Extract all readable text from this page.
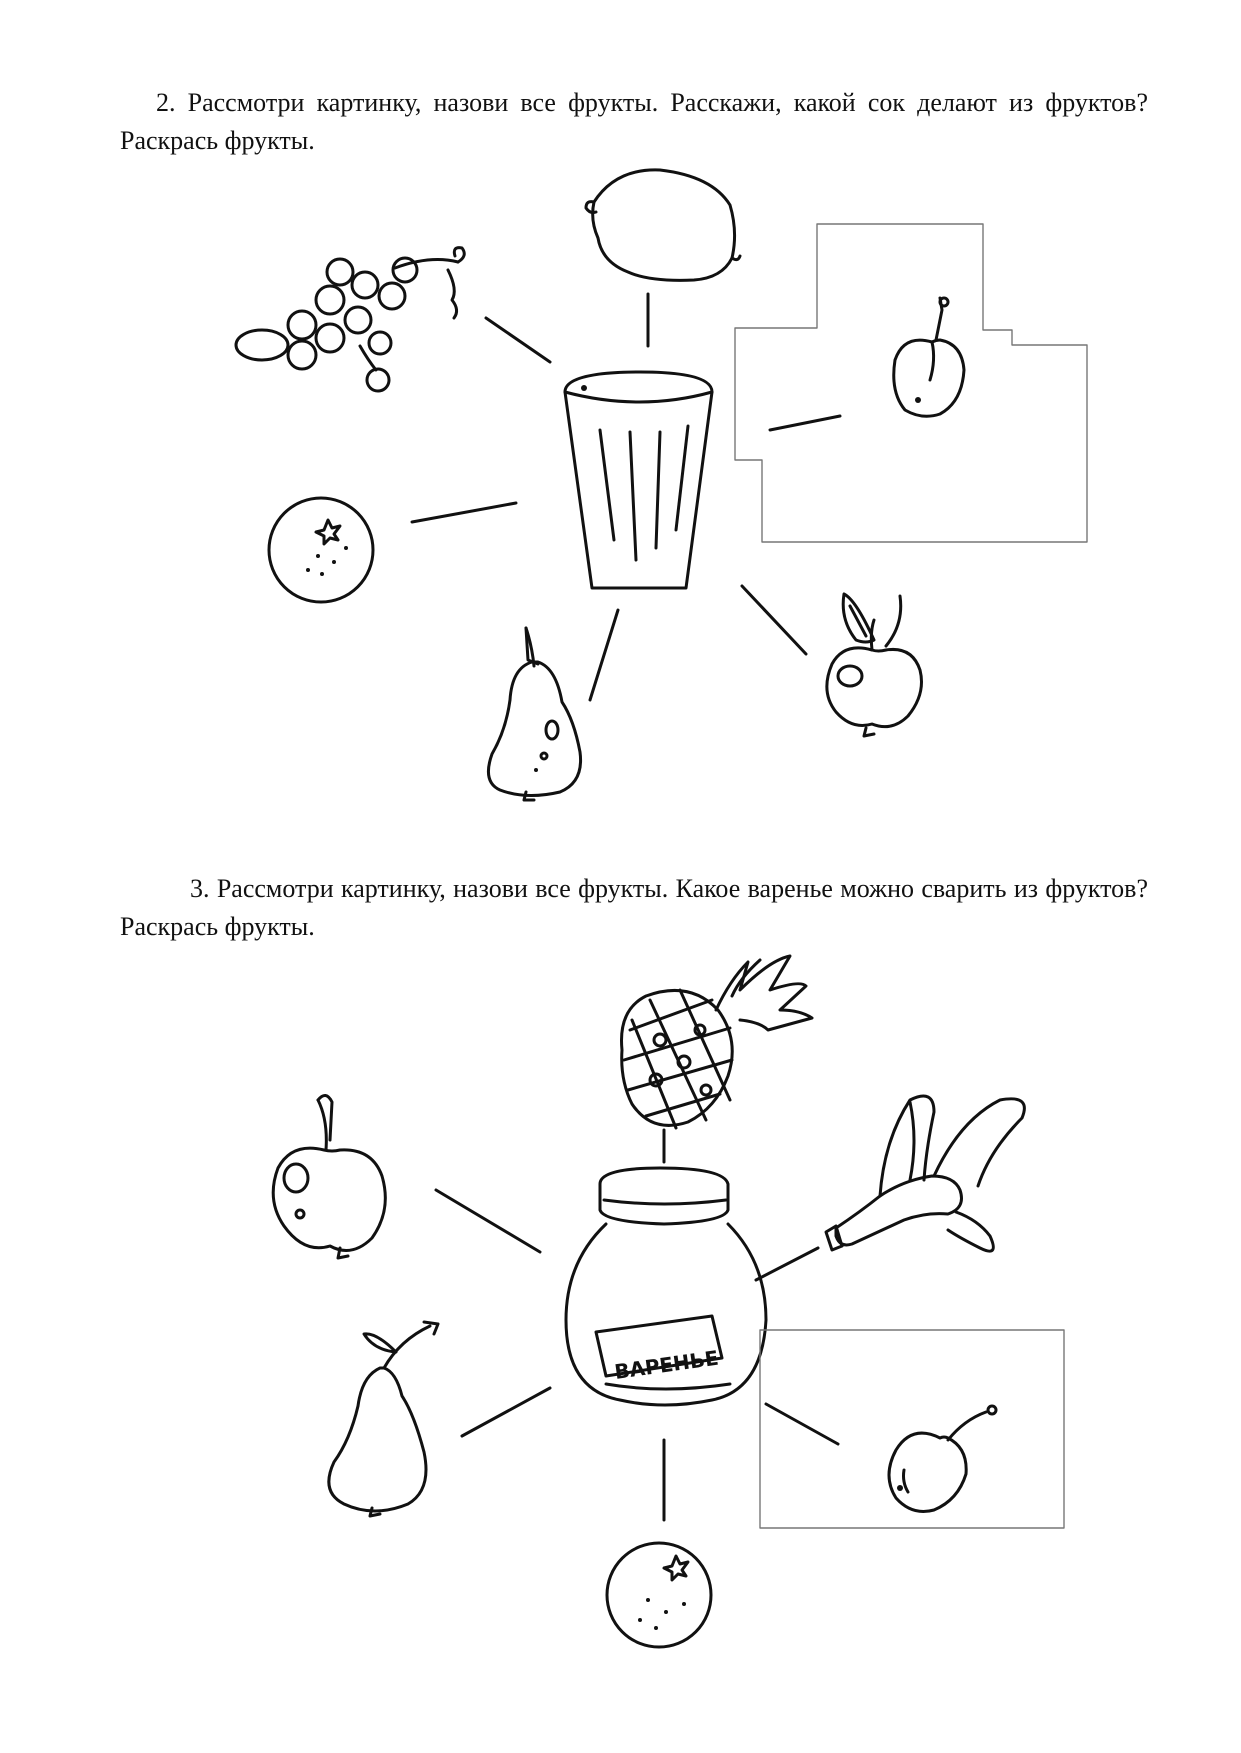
2. Рассмотри картинку, назови все фрукты. Расскажи, какой сок делают из фруктов? Раскрась фрукты.

3. Рассмотри картинку, назови все фрукты. Какое варенье можно сварить из фруктов? Раскрась фрукты.

ВАРЕНЬЕ
